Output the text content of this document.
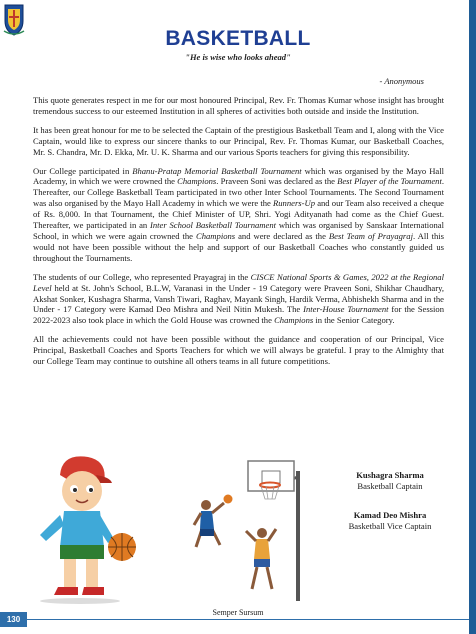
BASKETBALL
"He is wise who looks ahead"
- Anonymous

This quote generates respect in me for our most honoured Principal, Rev. Fr. Thomas Kumar whose insight has brought tremendous success to our esteemed Institution in all spheres of activities both outside and inside the Institution.

It has been great honour for me to be selected the Captain of the prestigious Basketball Team and I, along with the Vice Captain, would like to express our sincere thanks to our Principal, Rev. Fr. Thomas Kumar, our Basketball Coaches, Mr. S. Chandra, Mr. D. Ekka, Mr. U. K. Sharma and our various Sports teachers for giving this responsibility.

Our College participated in Bhanu-Pratap Memorial Basketball Tournament which was organised by the Mayo Hall Academy, in which we were crowned the Champions. Praveen Soni was declared as the Best Player of the Tournament. Thereafter, our College Basketball Team participated in two other Inter School Tournaments. The Second Tournament was also organised by the Mayo Hall Academy in which we were the Runners-Up and our Team also received a cheque of Rs. 8,000. In that Tournament, the Chief Minister of UP, Shri. Yogi Adityanath had come as the Chief Guest. Thereafter, we participated in an Inter School Basketball Tournament which was organised by Sanskaar International School, in which we were again crowned the Champions and were declared as the Best Team of Prayagraj. All this would not have been possible without the help and support of our Basketball Coaches who constantly guided us throughout the Tournaments.

The students of our College, who represented Prayagraj in the CISCE National Sports & Games, 2022 at the Regional Level held at St. John's School, B.L.W, Varanasi in the Under - 19 Category were Praveen Soni, Shikhar Chaudhary, Akshat Sonker, Kushagra Sharma, Vansh Tiwari, Raghav, Mayank Singh, Hardik Verma, Abhishekh Sharma and in the Under - 17 Category were Kamad Deo Mishra and Neil Nitin Mukesh. The Inter-House Tournament for the Session 2022-2023 also took place in which the Gold House was crowned the Champions in the Senior Category.

All the achievements could not have been possible without the guidance and cooperation of our Principal, Vice Principal, Basketball Coaches and Sports Teachers for which we will always be grateful. I pray to the Almighty that our College Team may continue to outshine all others teams in all future competitions.

Kushagra Sharma
Basketball Captain
Kamad Deo Mishra
Basketball Vice Captain
Semper Sursum
130
